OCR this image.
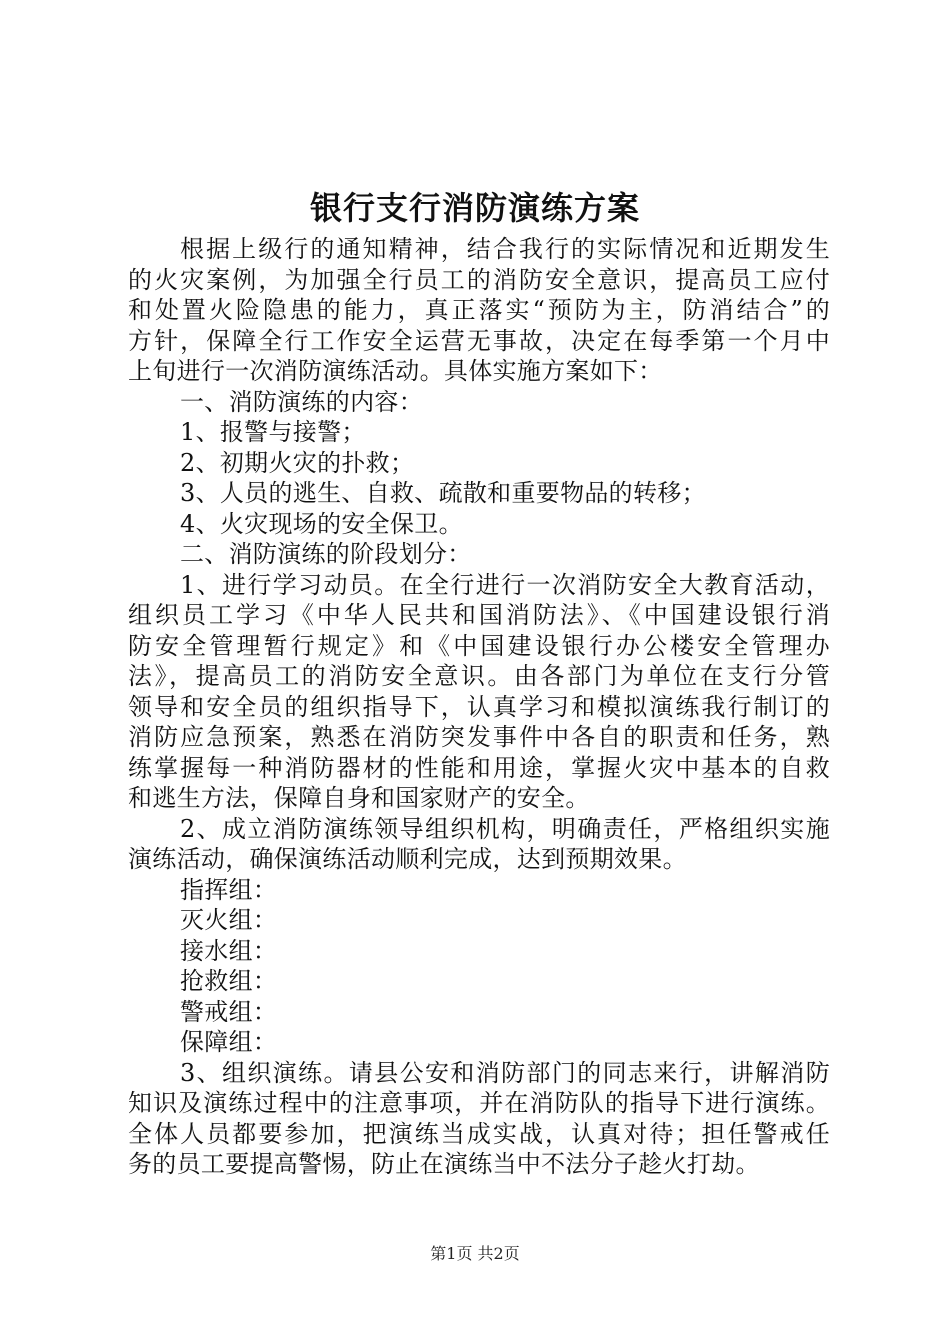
银行支行消防演练方案
根据上级行的通知精神，结合我行的实际情况和近期发生
的火灾案例，为加强全行员工的消防安全意识，提高员工应付
和处置火险隐患的能力，真正落实“预防为主，防消结合”的
方针，保障全行工作安全运营无事故，决定在每季第一个月中
上旬进行一次消防演练活动。具体实施方案如下：
一、消防演练的内容：
1、报警与接警；
2、初期火灾的扑救；
3、人员的逃生、自救、疏散和重要物品的转移；
4、火灾现场的安全保卫。
二、消防演练的阶段划分：
1、进行学习动员。在全行进行一次消防安全大教育活动，
组织员工学习《中华人民共和国消防法》、《中国建设银行消
防安全管理暂行规定》和《中国建设银行办公楼安全管理办
法》，提高员工的消防安全意识。由各部门为单位在支行分管
领导和安全员的组织指导下，认真学习和模拟演练我行制订的
消防应急预案，熟悉在消防突发事件中各自的职责和任务，熟
练掌握每一种消防器材的性能和用途，掌握火灾中基本的自救
和逃生方法，保障自身和国家财产的安全。
2、成立消防演练领导组织机构，明确责任，严格组织实施
演练活动，确保演练活动顺利完成，达到预期效果。
指挥组：
灭火组：
接水组：
抢救组：
警戒组：
保障组：
3、组织演练。请县公安和消防部门的同志来行，讲解消防
知识及演练过程中的注意事项，并在消防队的指导下进行演练。
全体人员都要参加，把演练当成实战，认真对待；担任警戒任
务的员工要提高警惕，防止在演练当中不法分子趁火打劫。
第1页 共2页
